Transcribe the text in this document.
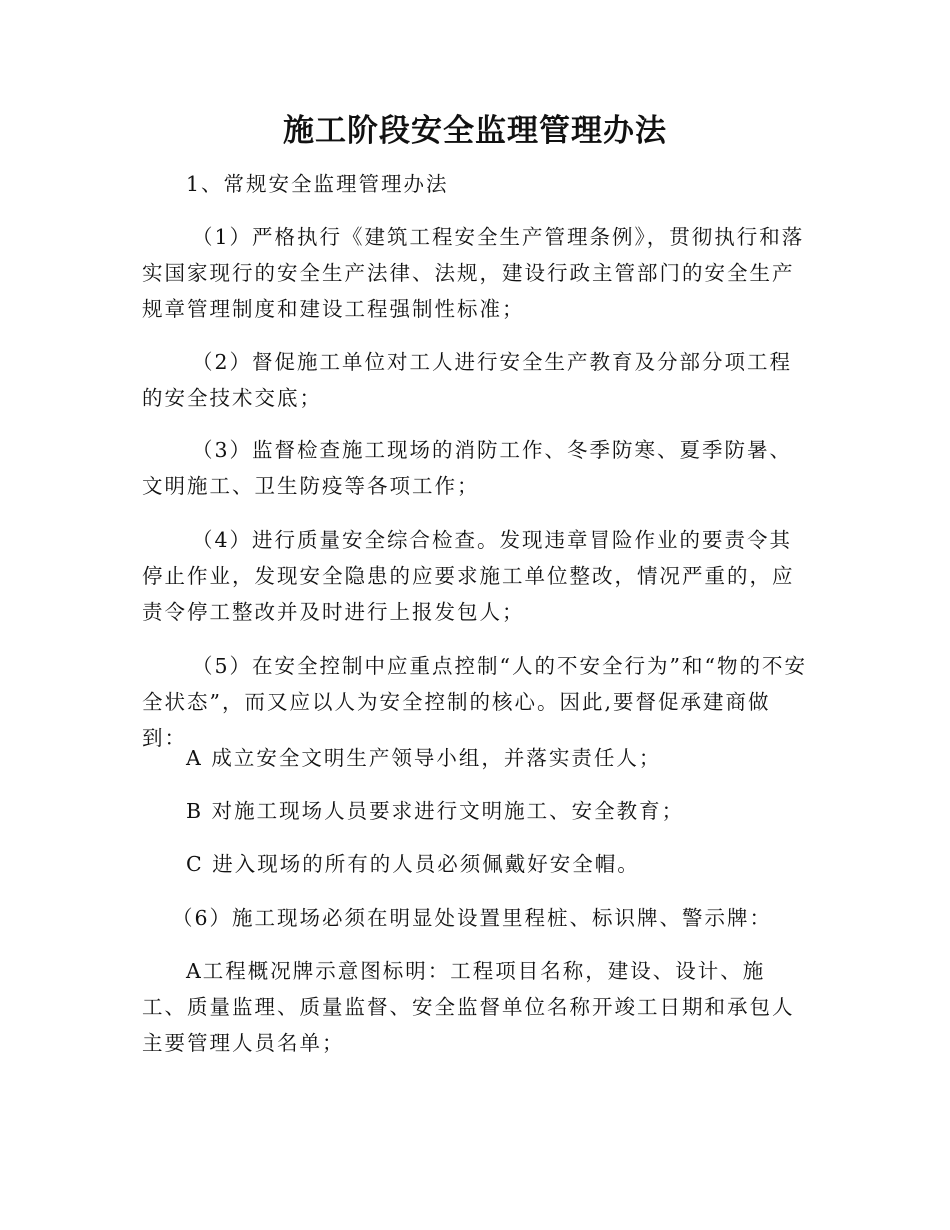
施工阶段安全监理管理办法

1、常规安全监理管理办法

（1）严格执行《建筑工程安全生产管理条例》，贯彻执行和落实国家现行的安全生产法律、法规，建设行政主管部门的安全生产规章管理制度和建设工程强制性标准；

（2）督促施工单位对工人进行安全生产教育及分部分项工程的安全技术交底；

（3）监督检查施工现场的消防工作、冬季防寒、夏季防暑、文明施工、卫生防疫等各项工作；

（4）进行质量安全综合检查。发现违章冒险作业的要责令其停止作业，发现安全隐患的应要求施工单位整改，情况严重的，应责令停工整改并及时进行上报发包人；

（5）在安全控制中应重点控制“人的不安全行为”和“物的不安全状态”，而又应以人为安全控制的核心。因此,要督促承建商做到：

A 成立安全文明生产领导小组，并落实责任人；

B 对施工现场人员要求进行文明施工、安全教育；

C 进入现场的所有的人员必须佩戴好安全帽。

（6）施工现场必须在明显处设置里程桩、标识牌、警示牌：

A工程概况牌示意图标明：工程项目名称，建设、设计、施工、质量监理、质量监督、安全监督单位名称开竣工日期和承包人主要管理人员名单；
